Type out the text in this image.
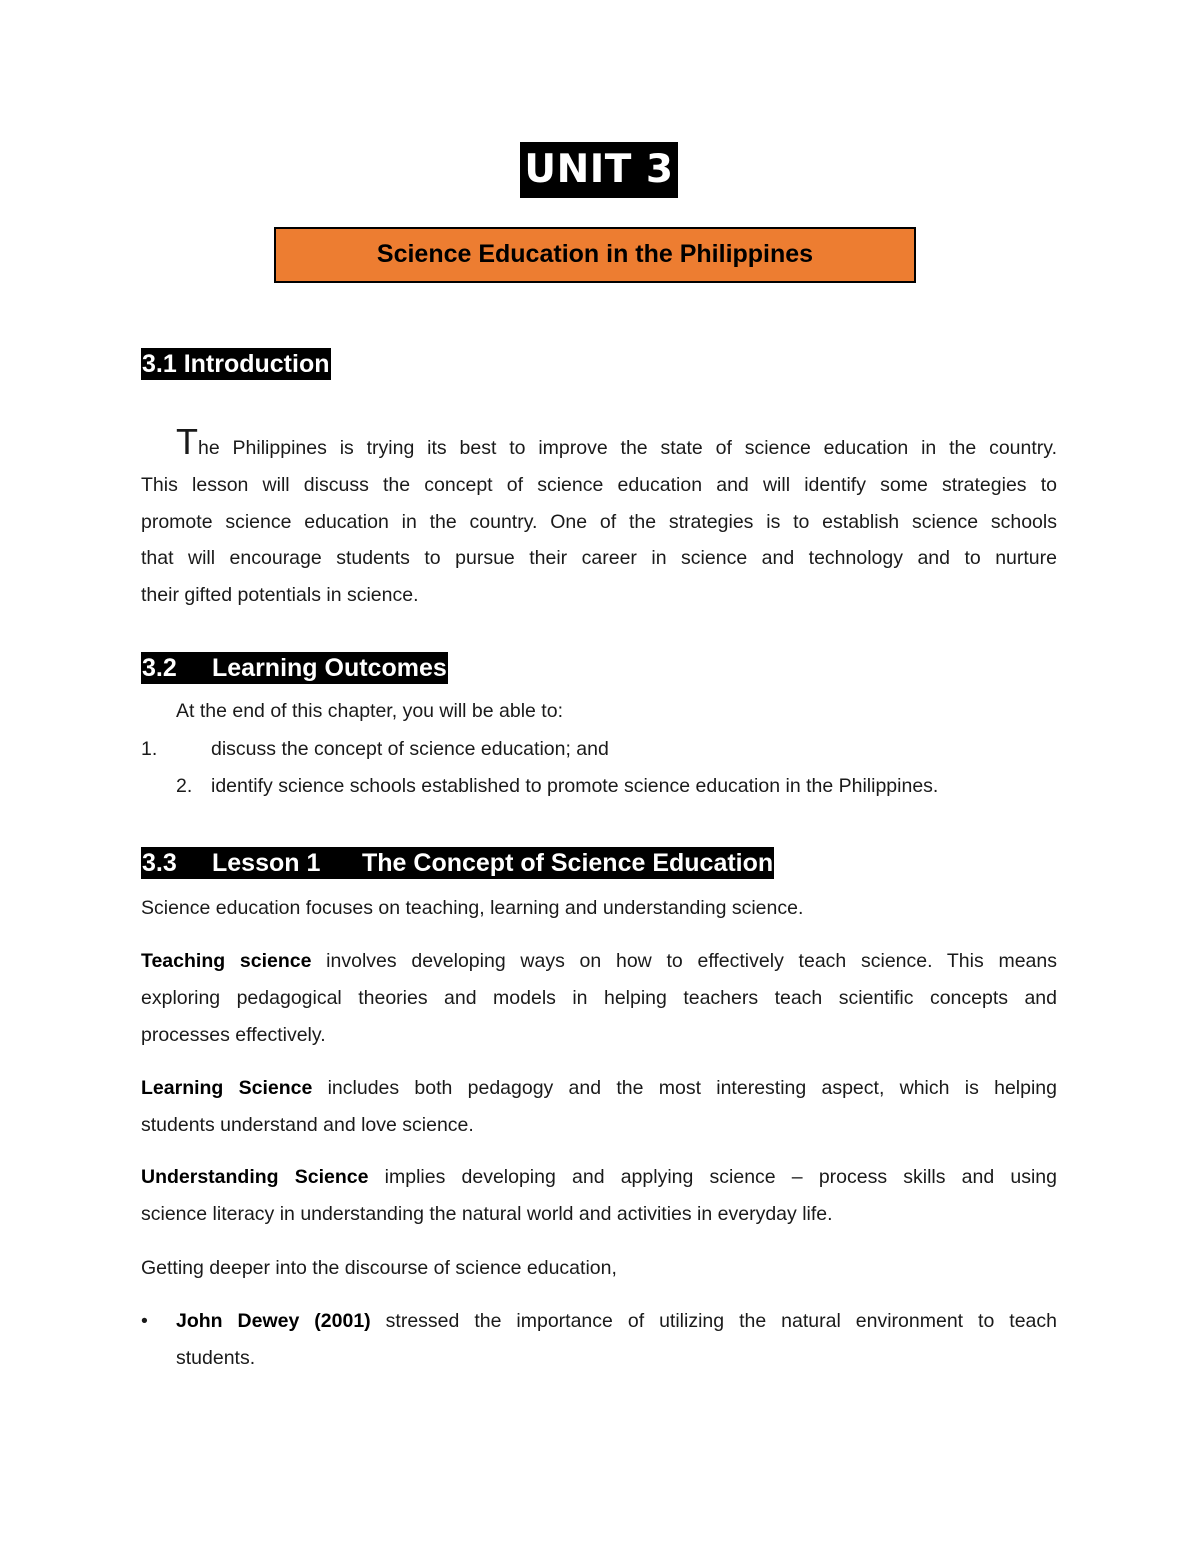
UNIT 3
Science Education in the Philippines
3.1 Introduction
The Philippines is trying its best to improve the state of science education in the country.
This lesson will discuss the concept of science education and will identify some strategies to
promote science education in the country. One of the strategies is to establish science schools
that will encourage students to pursue their career in science and technology and to nurture
their gifted potentials in science.
3.2 Learning Outcomes
At the end of this chapter, you will be able to:
1.	discuss the concept of science education; and
2. identify science schools established to promote science education in the Philippines.
3.3 Lesson 1 The Concept of Science Education
Science education focuses on teaching, learning and understanding science.
Teaching science involves developing ways on how to effectively teach science. This means
exploring pedagogical theories and models in helping teachers teach scientific concepts and
processes effectively.
Learning Science includes both pedagogy and the most interesting aspect, which is helping
students understand and love science.
Understanding Science implies developing and applying science – process skills and using
science literacy in understanding the natural world and activities in everyday life.
Getting deeper into the discourse of science education,
• John Dewey (2001) stressed the importance of utilizing the natural environment to teach
students.
